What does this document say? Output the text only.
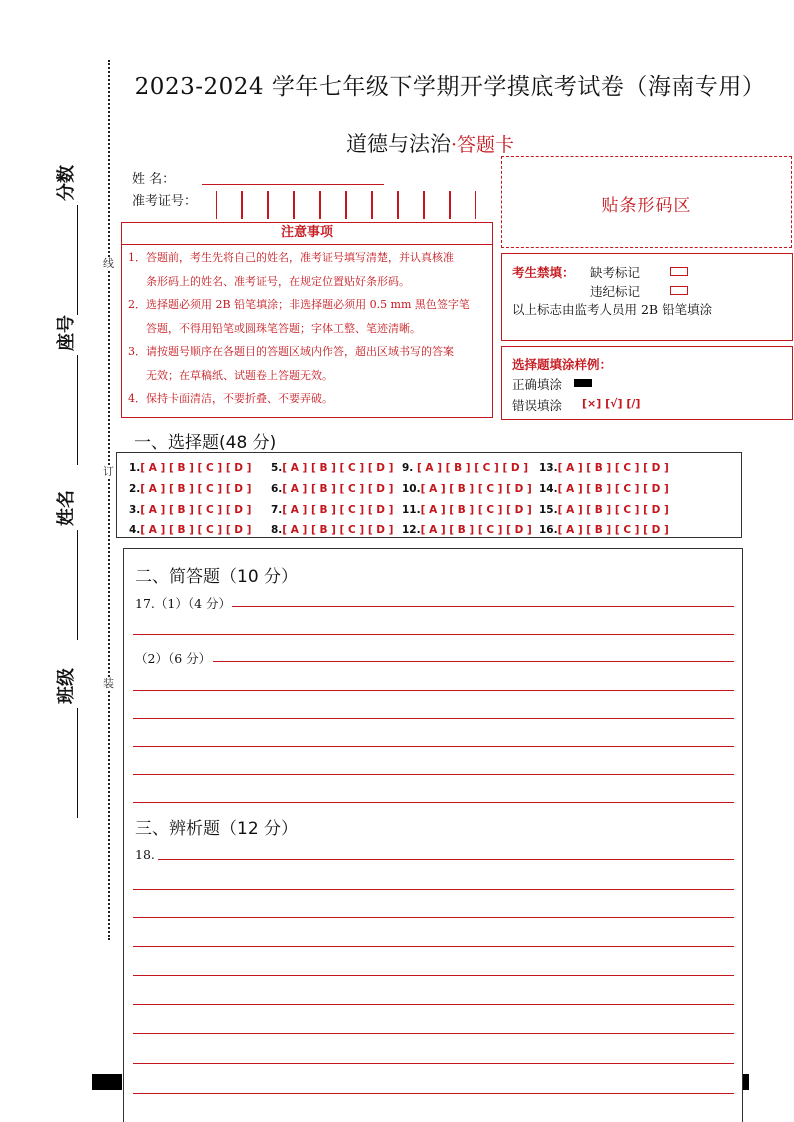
线
订
装
分数
座号
姓名
班级
2023-2024 学年七年级下学期开学摸底考试卷（海南专用）
道德与法治·答题卡
姓 名：
准考证号：	贴条形码区
注意事项
1．答题前，考生先将自己的姓名，准考证号填写清楚，并认真核准
条形码上的姓名、准考证号，在规定位置贴好条形码。
2．选择题必须用 2B 铅笔填涂；非选择题必须用 0.5 mm 黑色签字笔
答题，不得用铅笔或圆珠笔答题；字体工整、笔迹清晰。
3．请按题号顺序在各题目的答题区域内作答，超出区域书写的答案
无效；在草稿纸、试题卷上答题无效。
4．保持卡面清洁，不要折叠、不要弄破。
考生禁填： 缺考标记
违纪标记
以上标志由监考人员用 2B 铅笔填涂
选择题填涂样例：
正确填涂
错误填涂 [×] [√] [/]
一、选择题(48 分)
1.[ A ] [ B ] [ C ] [ D ]
2.[ A ] [ B ] [ C ] [ D ]
3.[ A ] [ B ] [ C ] [ D ]
4.[ A ] [ B ] [ C ] [ D ]
5.[ A ] [ B ] [ C ] [ D ]
6.[ A ] [ B ] [ C ] [ D ]
7.[ A ] [ B ] [ C ] [ D ]
8.[ A ] [ B ] [ C ] [ D ]
9. [ A ] [ B ] [ C ] [ D ]
10.[ A ] [ B ] [ C ] [ D ]
11.[ A ] [ B ] [ C ] [ D ]
12.[ A ] [ B ] [ C ] [ D ]
13.[ A ] [ B ] [ C ] [ D ]
14.[ A ] [ B ] [ C ] [ D ]
15.[ A ] [ B ] [ C ] [ D ]
16.[ A ] [ B ] [ C ] [ D ]
二、简答题（10 分）
17.（1）（4 分）
（2）（6 分）
三、辨析题（12 分）
18.
